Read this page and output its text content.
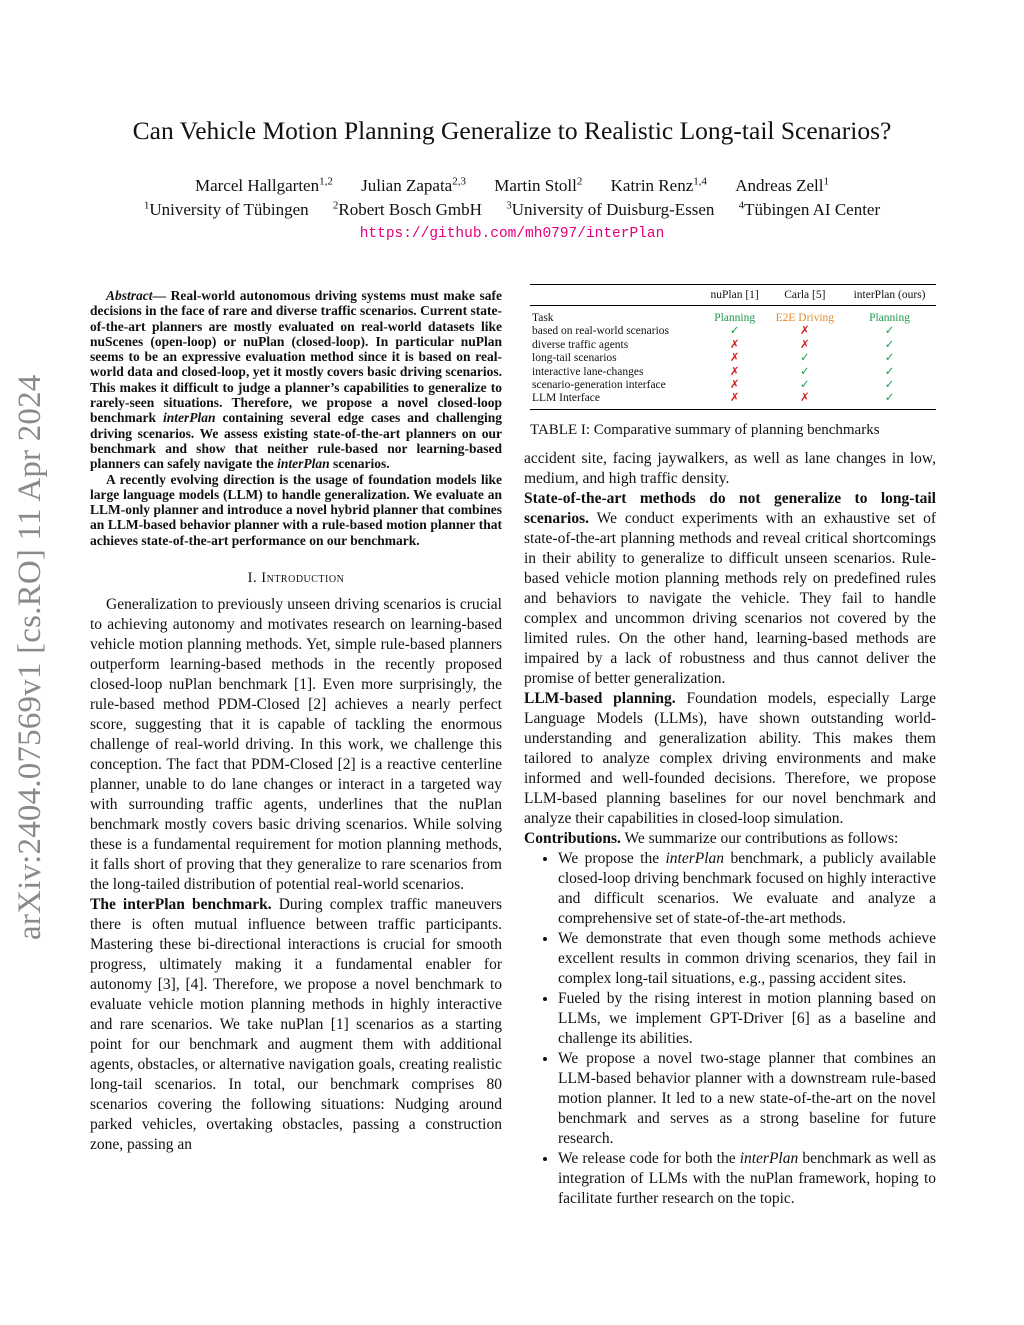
Can Vehicle Motion Planning Generalize to Realistic Long-tail Scenarios?
Marcel Hallgarten$^{1,2}$ Julian Zapata$^{2,3}$ Martin Stoll$^2$ Katrin Renz$^{1,4}$ Andreas Zell$^1$
$^1$University of Tübingen $^2$Robert Bosch GmbH $^3$University of Duisburg-Essen $^4$Tübingen AI Center
https://github.com/mh0797/interPlan
arXiv:2404.07569v1 [cs.RO] 11 Apr 2024

Abstract— Real-world autonomous driving systems must make safe decisions in the face of rare and diverse traffic scenarios. Current state-of-the-art planners are mostly evaluated on real-world datasets like nuScenes (open-loop) or nuPlan (closed-loop). In particular nuPlan seems to be an expressive evaluation method since it is based on real-world data and closed-loop, yet it mostly covers basic driving scenarios. This makes it difficult to judge a planner’s capabilities to generalize to rarely-seen situations. Therefore, we propose a novel closed-loop benchmark interPlan containing several edge cases and challenging driving scenarios. We assess existing state-of-the-art planners on our benchmark and show that neither rule-based nor learning-based planners can safely navigate the interPlan scenarios.

A recently evolving direction is the usage of foundation models like large language models (LLM) to handle generalization. We evaluate an LLM-only planner and introduce a novel hybrid planner that combines an LLM-based behavior planner with a rule-based motion planner that achieves state-of-the-art performance on our benchmark.

I. Introduction

Generalization to previously unseen driving scenarios is crucial to achieving autonomy and motivates research on learning-based vehicle motion planning methods. Yet, simple rule-based planners outperform learning-based methods in the recently proposed closed-loop nuPlan benchmark [1]. Even more surprisingly, the rule-based method PDM-Closed [2] achieves a nearly perfect score, suggesting that it is capable of tackling the enormous challenge of real-world driving. In this work, we challenge this conception. The fact that PDM-Closed [2] is a reactive centerline planner, unable to do lane changes or interact in a targeted way with surrounding traffic agents, underlines that the nuPlan benchmark mostly covers basic driving scenarios. While solving these is a fundamental requirement for motion planning methods, it falls short of proving that they generalize to rare scenarios from the long-tailed distribution of potential real-world scenarios.

The interPlan benchmark. During complex traffic maneuvers there is often mutual influence between traffic participants. Mastering these bi-directional interactions is crucial for smooth progress, ultimately making it a fundamental enabler for autonomy [3], [4]. Therefore, we propose a novel benchmark to evaluate vehicle motion planning methods in highly interactive and rare scenarios. We take nuPlan [1] scenarios as a starting point for our benchmark and augment them with additional agents, obstacles, or alternative navigation goals, creating realistic long-tail scenarios. In total, our benchmark comprises 80 scenarios covering the following situations: Nudging around parked vehicles, overtaking obstacles, passing a construction zone, passing an

	nuPlan [1]	Carla [5]	interPlan (ours)
Task	Planning	E2E Driving	Planning
based on real-world scenarios	✓	✗	✓
diverse traffic agents	✗	✗	✓
long-tail scenarios	✗	✓	✓
interactive lane-changes	✗	✓	✓
scenario-generation interface	✗	✓	✓
LLM Interface	✗	✗	✓
TABLE I: Comparative summary of planning benchmarks

accident site, facing jaywalkers, as well as lane changes in low, medium, and high traffic density.

State-of-the-art methods do not generalize to long-tail scenarios. We conduct experiments with an exhaustive set of state-of-the-art planning methods and reveal critical shortcomings in their ability to generalize to difficult unseen scenarios. Rule-based vehicle motion planning methods rely on predefined rules and behaviors to navigate the vehicle. They fail to handle complex and uncommon driving scenarios not covered by the limited rules. On the other hand, learning-based methods are impaired by a lack of robustness and thus cannot deliver the promise of better generalization.

LLM-based planning. Foundation models, especially Large Language Models (LLMs), have shown outstanding world-understanding and generalization ability. This makes them tailored to analyze complex driving environments and make informed and well-founded decisions. Therefore, we propose LLM-based planning baselines for our novel benchmark and analyze their capabilities in closed-loop simulation.

Contributions. We summarize our contributions as follows:

• We propose the interPlan benchmark, a publicly available closed-loop driving benchmark focused on highly interactive and difficult scenarios. We evaluate and analyze a comprehensive set of state-of-the-art methods.
• We demonstrate that even though some methods achieve excellent results in common driving scenarios, they fail in complex long-tail situations, e.g., passing accident sites.
• Fueled by the rising interest in motion planning based on LLMs, we implement GPT-Driver [6] as a baseline and challenge its abilities.
• We propose a novel two-stage planner that combines an LLM-based behavior planner with a downstream rule-based motion planner. It led to a new state-of-the-art on the novel benchmark and serves as a strong baseline for future research.
• We release code for both the interPlan benchmark as well as integration of LLMs with the nuPlan framework, hoping to facilitate further research on the topic.
